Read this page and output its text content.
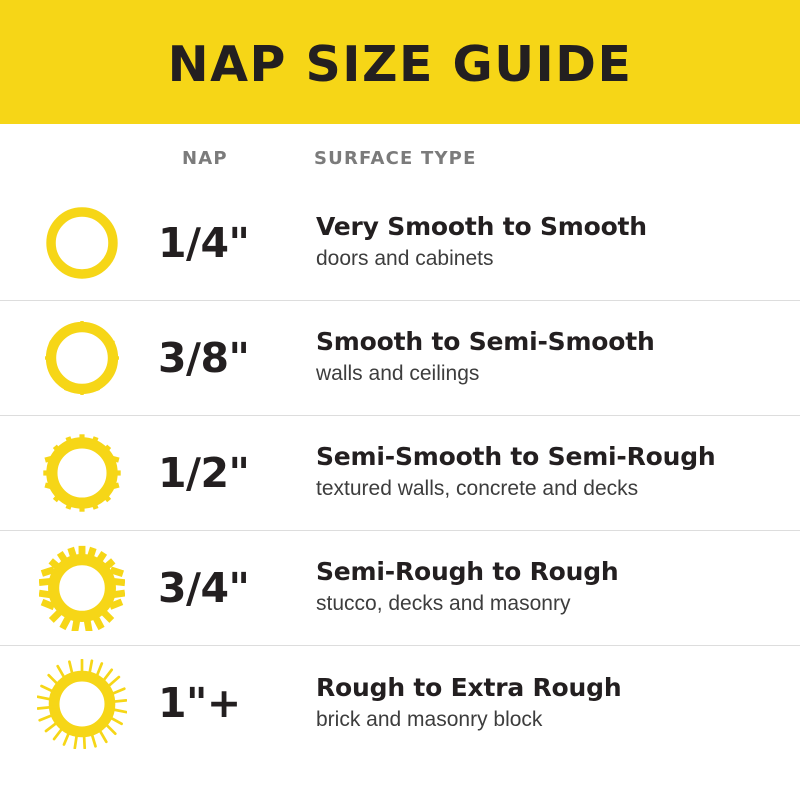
NAP SIZE GUIDE
NAP	SURFACE TYPE
1/4"	Very Smooth to Smooth
doors and cabinets
3/8"	Smooth to Semi-Smooth
walls and ceilings
1/2"	Semi-Smooth to Semi-Rough
textured walls, concrete and decks
3/4"	Semi-Rough to Rough
stucco, decks and masonry
1"+	Rough to Extra Rough
brick and masonry block
